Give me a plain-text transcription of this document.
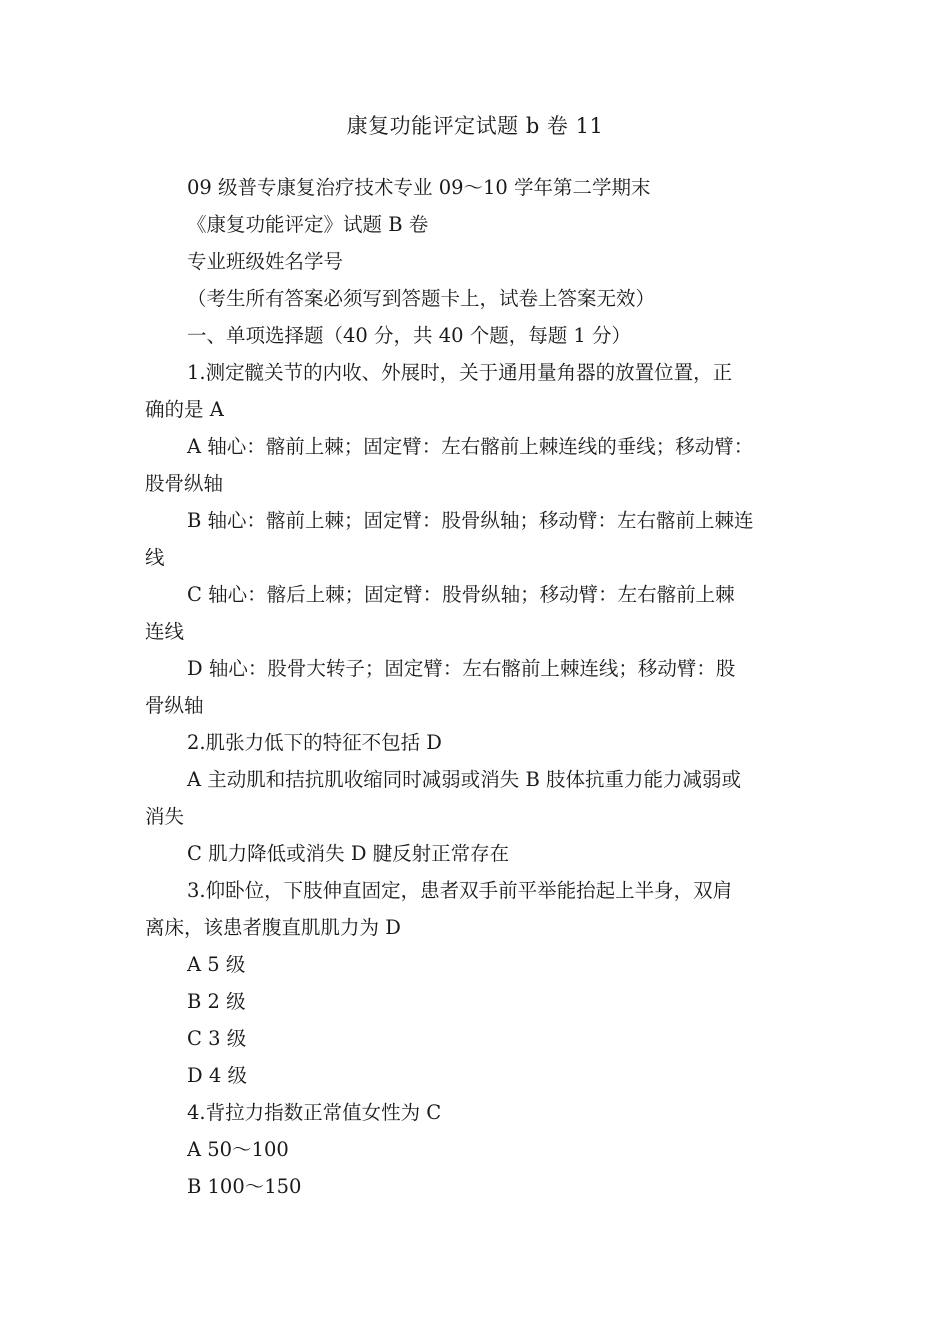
康复功能评定试题 b 卷 11
09 级普专康复治疗技术专业 09～10 学年第二学期末
《康复功能评定》试题 B 卷
专业班级姓名学号
（考生所有答案必须写到答题卡上，试卷上答案无效）
一、单项选择题（40 分，共 40 个题，每题 1 分）
1.测定髋关节的内收、外展时，关于通用量角器的放置位置，正
确的是 A
A 轴心：髂前上棘；固定臂：左右髂前上棘连线的垂线；移动臂：
股骨纵轴
B 轴心：髂前上棘；固定臂：股骨纵轴；移动臂：左右髂前上棘连
线
C 轴心：髂后上棘；固定臂：股骨纵轴；移动臂：左右髂前上棘
连线
D 轴心：股骨大转子；固定臂：左右髂前上棘连线；移动臂：股
骨纵轴
2.肌张力低下的特征不包括 D
A 主动肌和拮抗肌收缩同时减弱或消失 B 肢体抗重力能力减弱或
消失
C 肌力降低或消失 D 腱反射正常存在
3.仰卧位，下肢伸直固定，患者双手前平举能抬起上半身，双肩
离床，该患者腹直肌肌力为 D
A 5 级
B 2 级
C 3 级
D 4 级
4.背拉力指数正常值女性为 C
A 50～100
B 100～150
